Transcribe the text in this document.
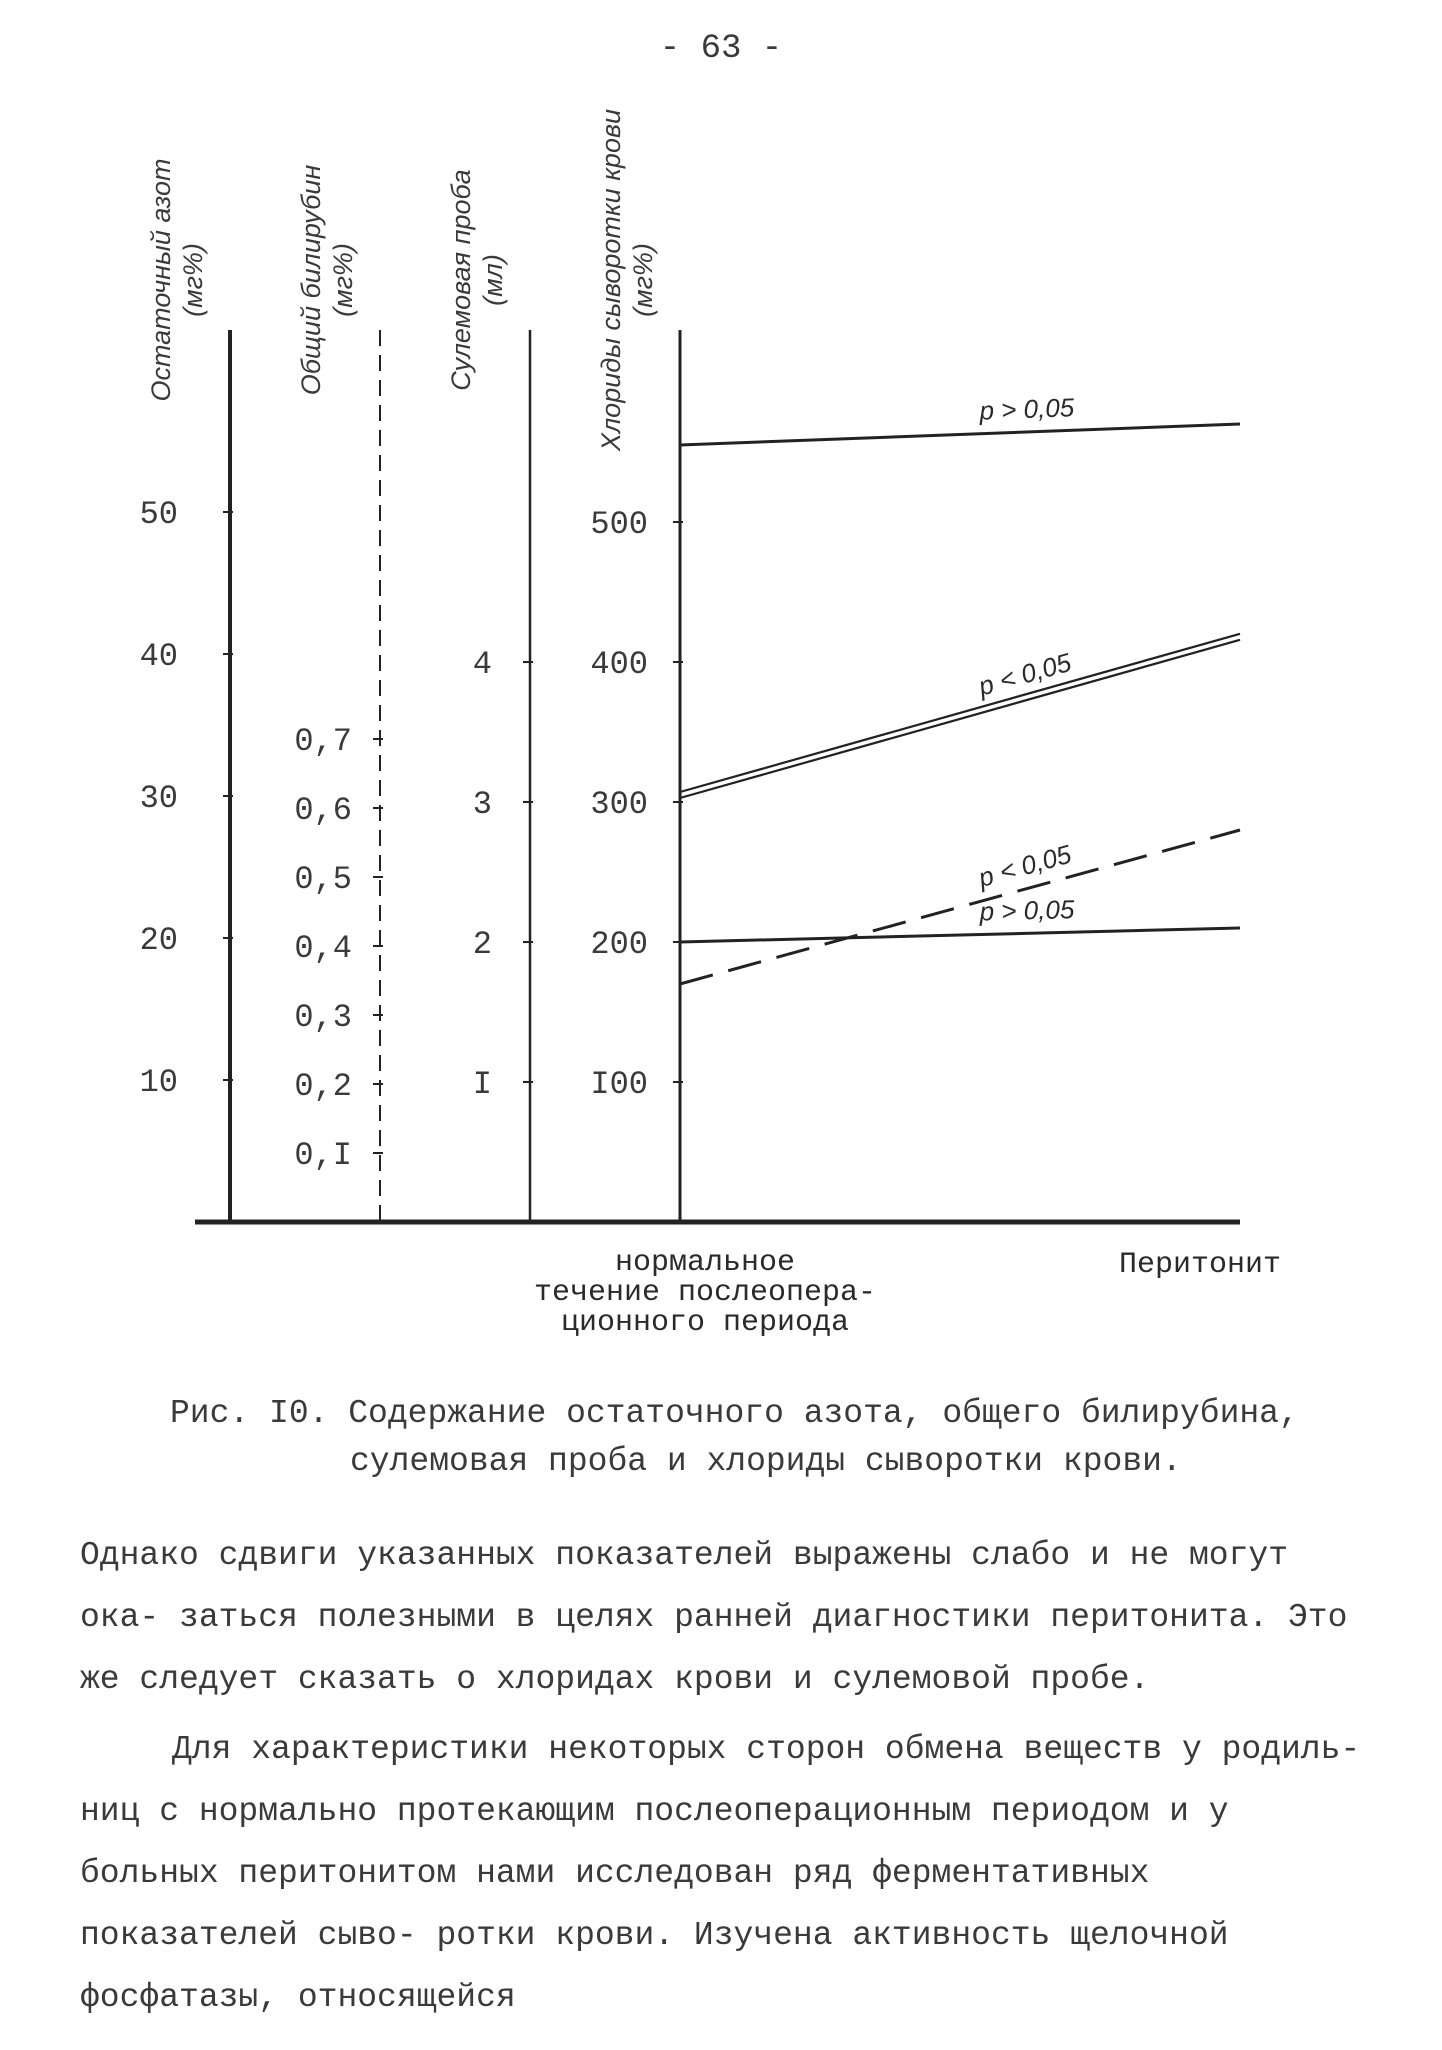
- 63 -
10
20
30
40
50
Остаточный азот (мг%)
0,I
0,2
0,3
0,4
0,5
0,6
0,7
Общий билирубин (мг%)
I
2
3
4
Сулемовая проба (мл)
I00
200
300
400
500
Хлориды сыворотки крови (мг%)
p > 0,05
p < 0,05
p > 0,05
p < 0,05
нормальное
течение послеопера-
ционного периода
Перитонит
Рис. I0. Содержание остаточного азота, общего билирубина,
сулемовая проба и хлориды сыворотки крови.

Однако сдвиги указанных показателей выражены слабо и не могут ока- заться полезными в целях ранней диагностики перитонита. Это же следует сказать о хлоридах крови и сулемовой пробе.

Для характеристики некоторых сторон обмена веществ у родиль- ниц с нормально протекающим послеоперационным периодом и у больных перитонитом нами исследован ряд ферментативных показателей сыво- ротки крови. Изучена активность щелочной фосфатазы, относящейся
